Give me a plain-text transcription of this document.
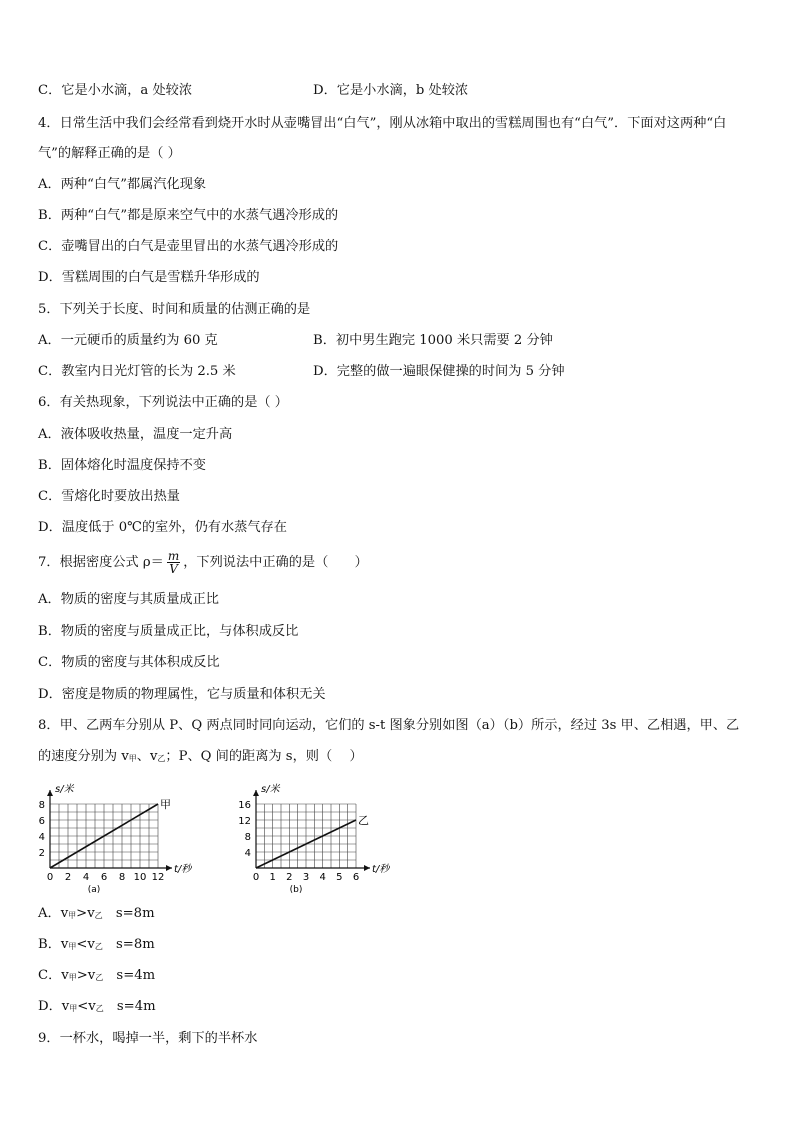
C．它是小水滴，a 处较浓	D．它是小水滴，b 处较浓
4．日常生活中我们会经常看到烧开水时从壶嘴冒出“白气”，刚从冰箱中取出的雪糕周围也有“白气”．下面对这两种“白
气”的解释正确的是（ ）
A．两种“白气”都属汽化现象
B．两种“白气”都是原来空气中的水蒸气遇冷形成的
C．壶嘴冒出的白气是壶里冒出的水蒸气遇冷形成的
D．雪糕周围的白气是雪糕升华形成的
5．下列关于长度、时间和质量的估测正确的是
A．一元硬币的质量约为 60 克	B．初中男生跑完 1000 米只需要 2 分钟
C．教室内日光灯管的长为 2.5 米	D．完整的做一遍眼保健操的时间为 5 分钟
6．有关热现象，下列说法中正确的是（ ）
A．液体吸收热量，温度一定升高
B．固体熔化时温度保持不变
C．雪熔化时要放出热量
D．温度低于 0℃的室外，仍有水蒸气存在
7．根据密度公式 $\rho= \frac{m}{V}$ ，下列说法中正确的是（　　）
A．物质的密度与其质量成正比
B．物质的密度与质量成正比，与体积成反比
C．物质的密度与其体积成反比
D．密度是物质的物理属性，它与质量和体积无关
8．甲、乙两车分别从 P、Q 两点同时同向运动，它们的 s-t 图象分别如图（a）（b）所示，经过 3s 甲、乙相遇，甲、乙
的速度分别为 v甲、v乙；P、Q 间的距离为 s，则（　 ）
s/米
t/秒
0 2 4 6 8 10 12
2
4
6
8	甲
(a)
s/米
t/秒
0 1 2 3 4 5 6
4
8
12
16
乙
(b)
A．v甲>v乙　s=8m
B．v甲<v乙　s=8m
C．v甲>v乙　s=4m
D．v甲<v乙　s=4m
9．一杯水，喝掉一半，剩下的半杯水
